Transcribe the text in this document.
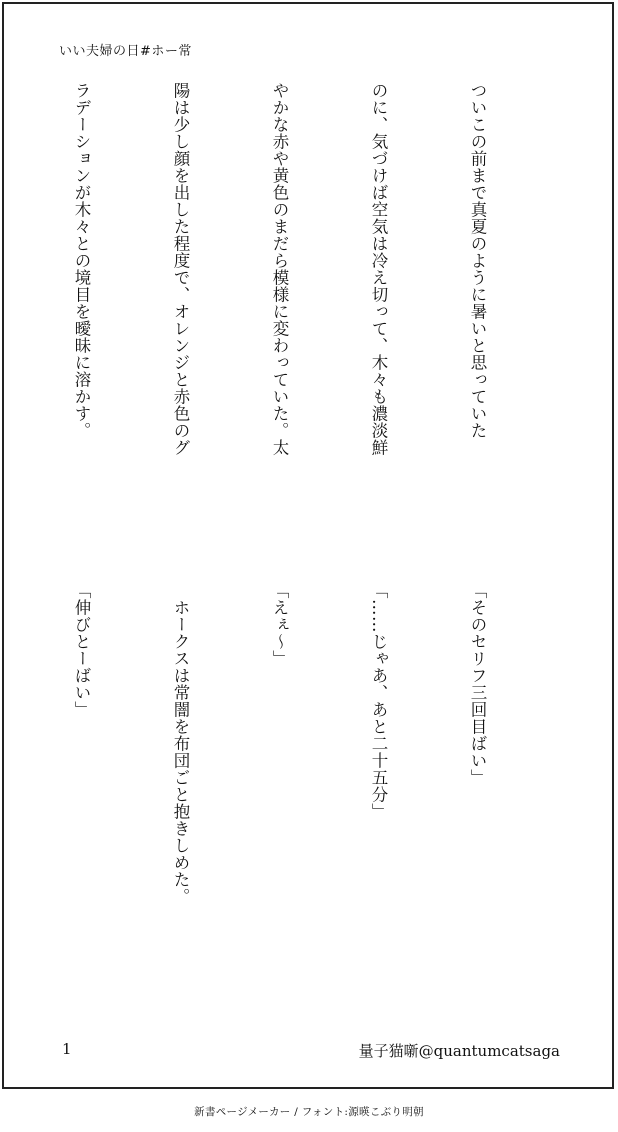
いい夫婦の日#ホー常

ついこの前まで真夏のように暑いと思っていた

のに、気づけば空気は冷え切って、木々も濃淡鮮

やかな赤や黄色のまだら模様に変わっていた。太

陽は少し顔を出した程度で、オレンジと赤色のグ

ラデーションが木々との境目を曖昧に溶かす。

「そのセリフ三回目ばい」

「……じゃあ、あと二十五分」

「えぇ〜」

　ホークスは常闇を布団ごと抱きしめた。

「伸びとーばい」

1	量子猫噺@quantumcatsaga
新書ページメーカー / フォント:源暎こぶり明朝
